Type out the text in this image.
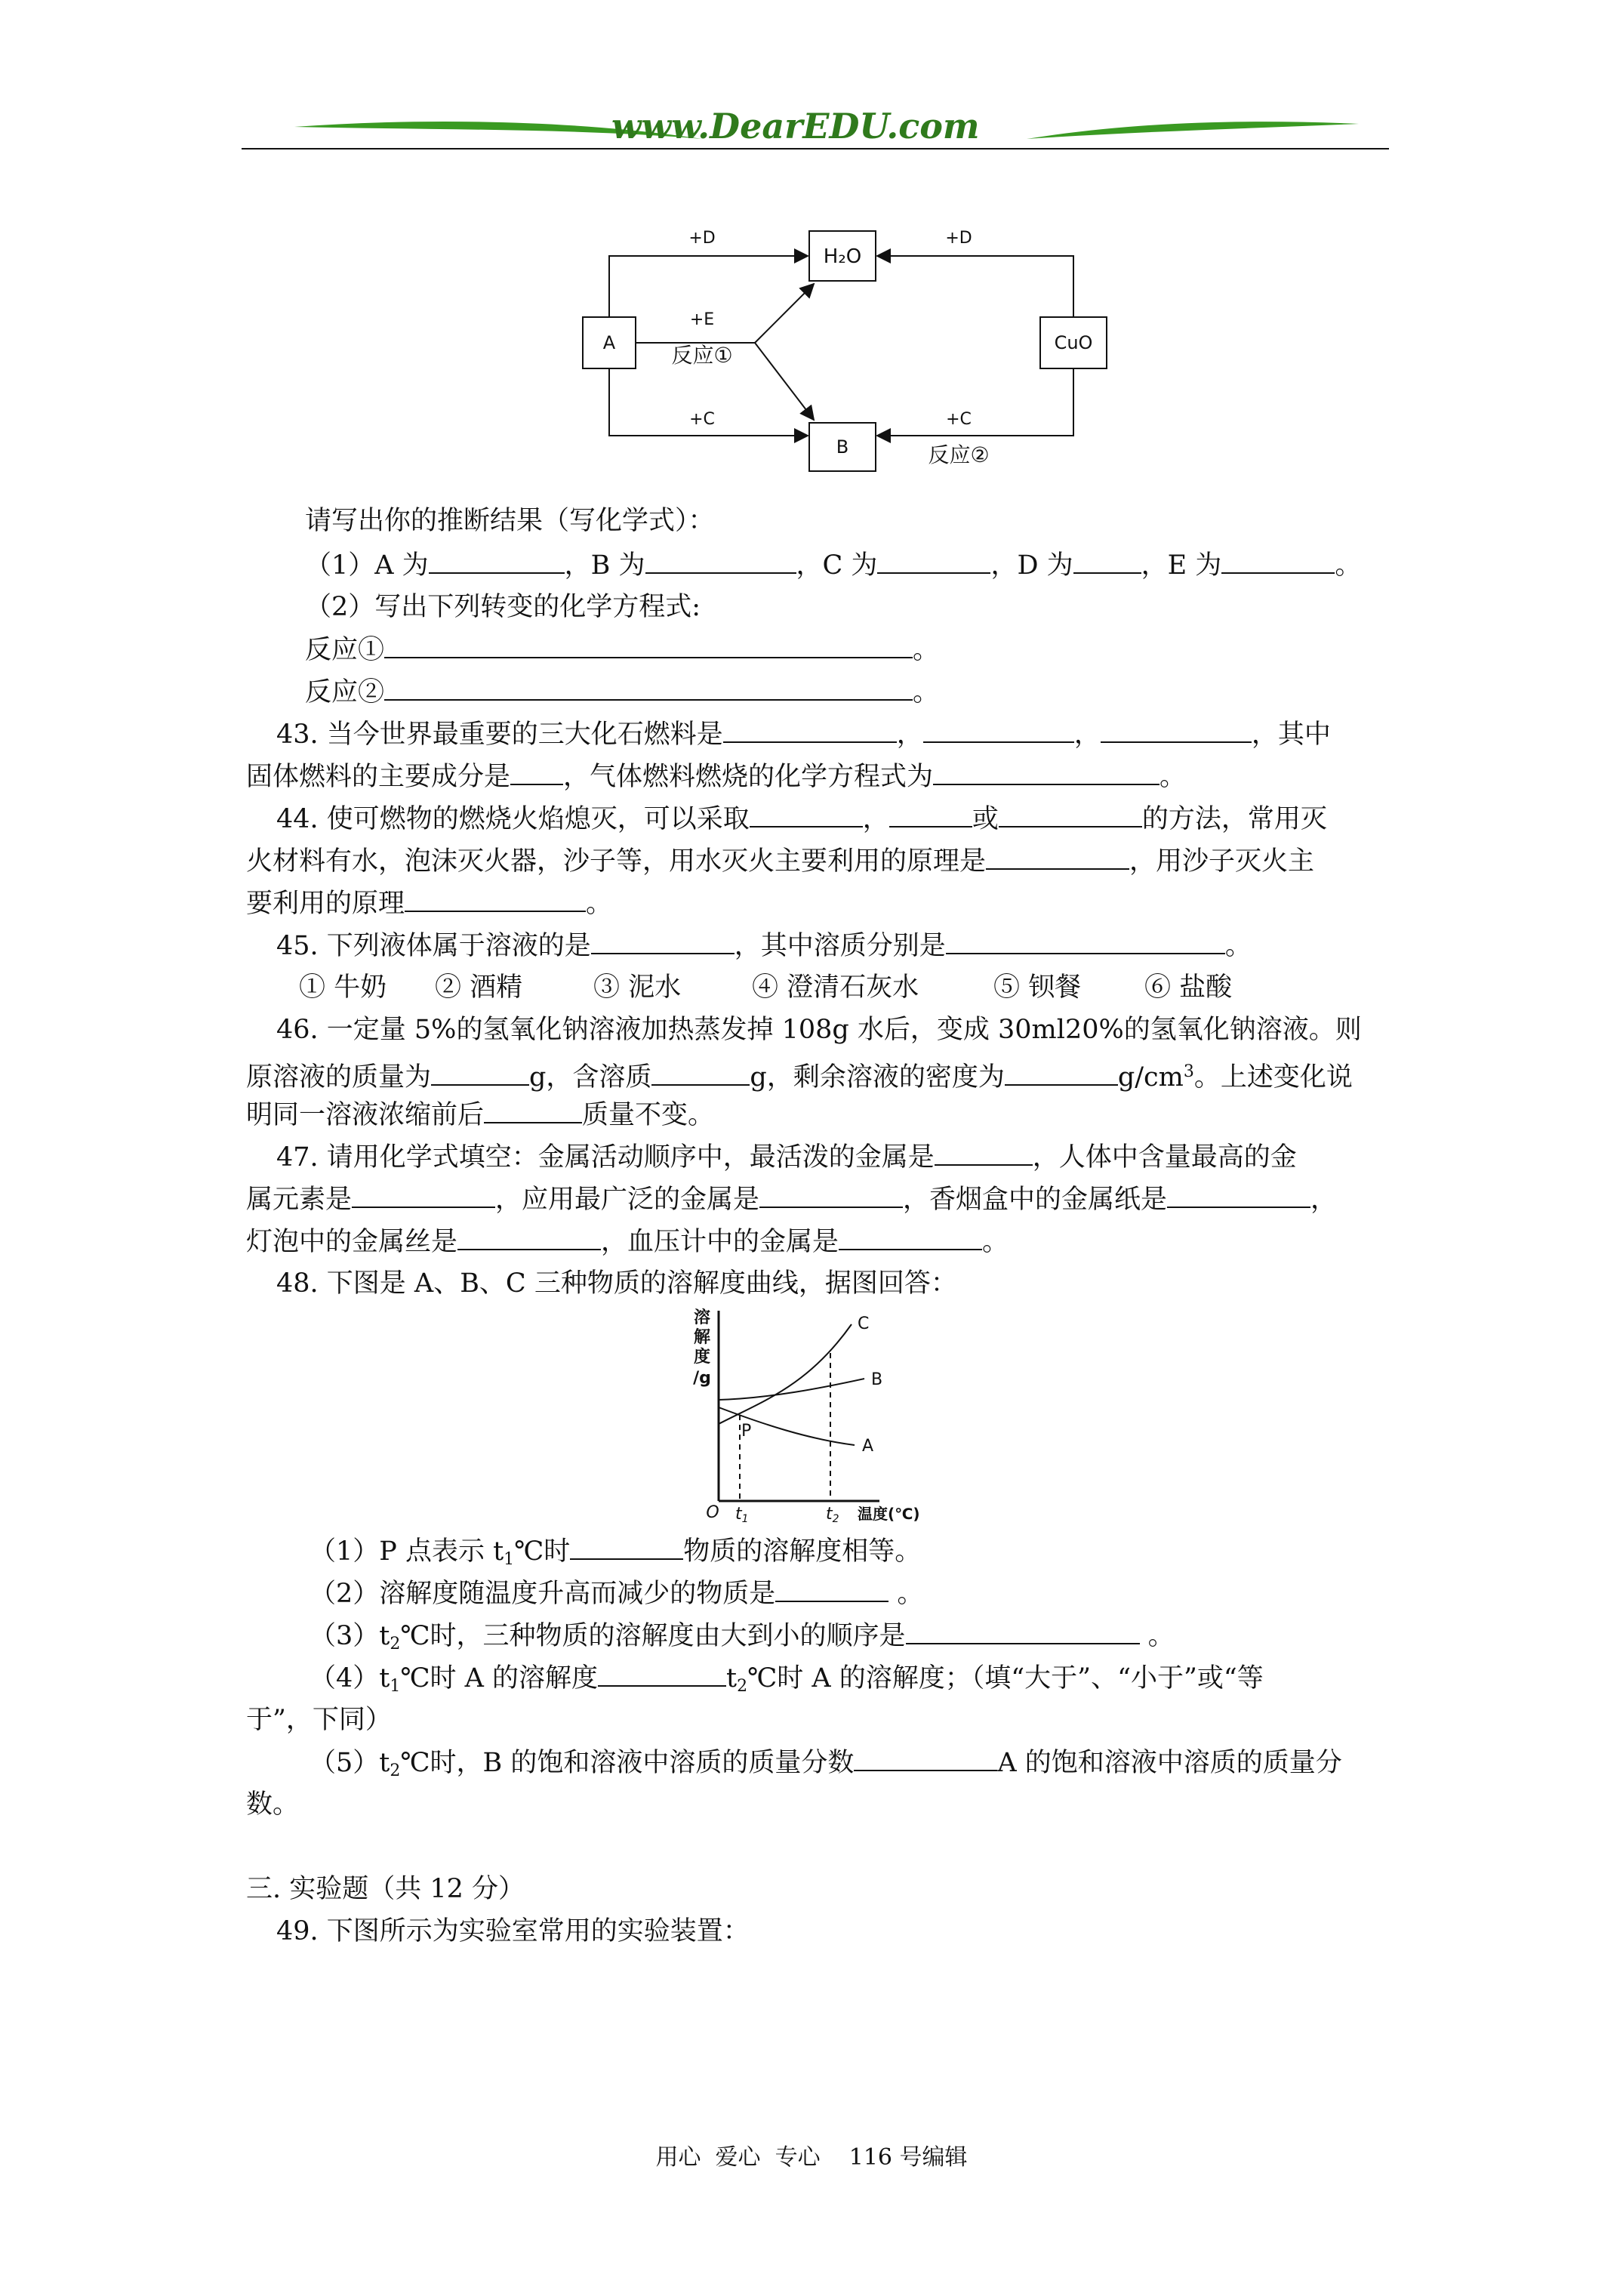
www.DearEDU.com
A
H₂O
CuO
B
+D	+D
+E
反应①
+C	+C
反应②
请写出你的推断结果（写化学式）：
（1）A 为	，B 为	，C 为	，D 为	，E 为	。
（2）写出下列转变的化学方程式:
反应①	。
反应②	。
43. 当今世界最重要的三大化石燃料是	，	，	，其中
固体燃料的主要成分是 ，气体燃料燃烧的化学方程式为	。
44. 使可燃物的燃烧火焰熄灭，可以采取	，	或	的方法，常用灭
火材料有水，泡沫灭火器，沙子等，用水灭火主要利用的原理是	，用沙子灭火主
要利用的原理	。
45. 下列液体属于溶液的是	，其中溶质分别是	。
① 牛奶 ② 酒精	③ 泥水	④ 澄清石灰水	⑤ 钡餐 ⑥ 盐酸
46. 一定量 5%的氢氧化钠溶液加热蒸发掉 108g 水后，变成 30ml20%的氢氧化钠溶液。则
原溶液的质量为	g，含溶质	g，剩余溶液的密度为	$g/cm^3$。上述变化说
明同一溶液浓缩前后	质量不变。
47. 请用化学式填空：金属活动顺序中，最活泼的金属是	，人体中含量最高的金
属元素是	，应用最广泛的金属是	，香烟盒中的金属纸是	，
灯泡中的金属丝是	，血压计中的金属是	。
48. 下图是 A、B、C 三种物质的溶解度曲线，据图回答：
溶
解
度
/g
O t1	t2 温度(℃)
C
B
A
P
（1）P 点表示 $t_1℃$时	物质的溶解度相等。
（2）溶解度随温度升高而减少的物质是	。
$(3)t_2℃$时，三种物质的溶解度由大到小的顺序是	。
$(4)t_1℃$时 A 的溶解度	$t_2℃$时 A 的溶解度；（填“大于”、“小于”或“等
于”，下同）
$(5)t_2℃$时，B 的饱和溶液中溶质的质量分数	A 的饱和溶液中溶质的质量分
数。
三. 实验题（共 12 分）
49. 下图所示为实验室常用的实验装置：
用心  爱心  专心    116 号编辑
